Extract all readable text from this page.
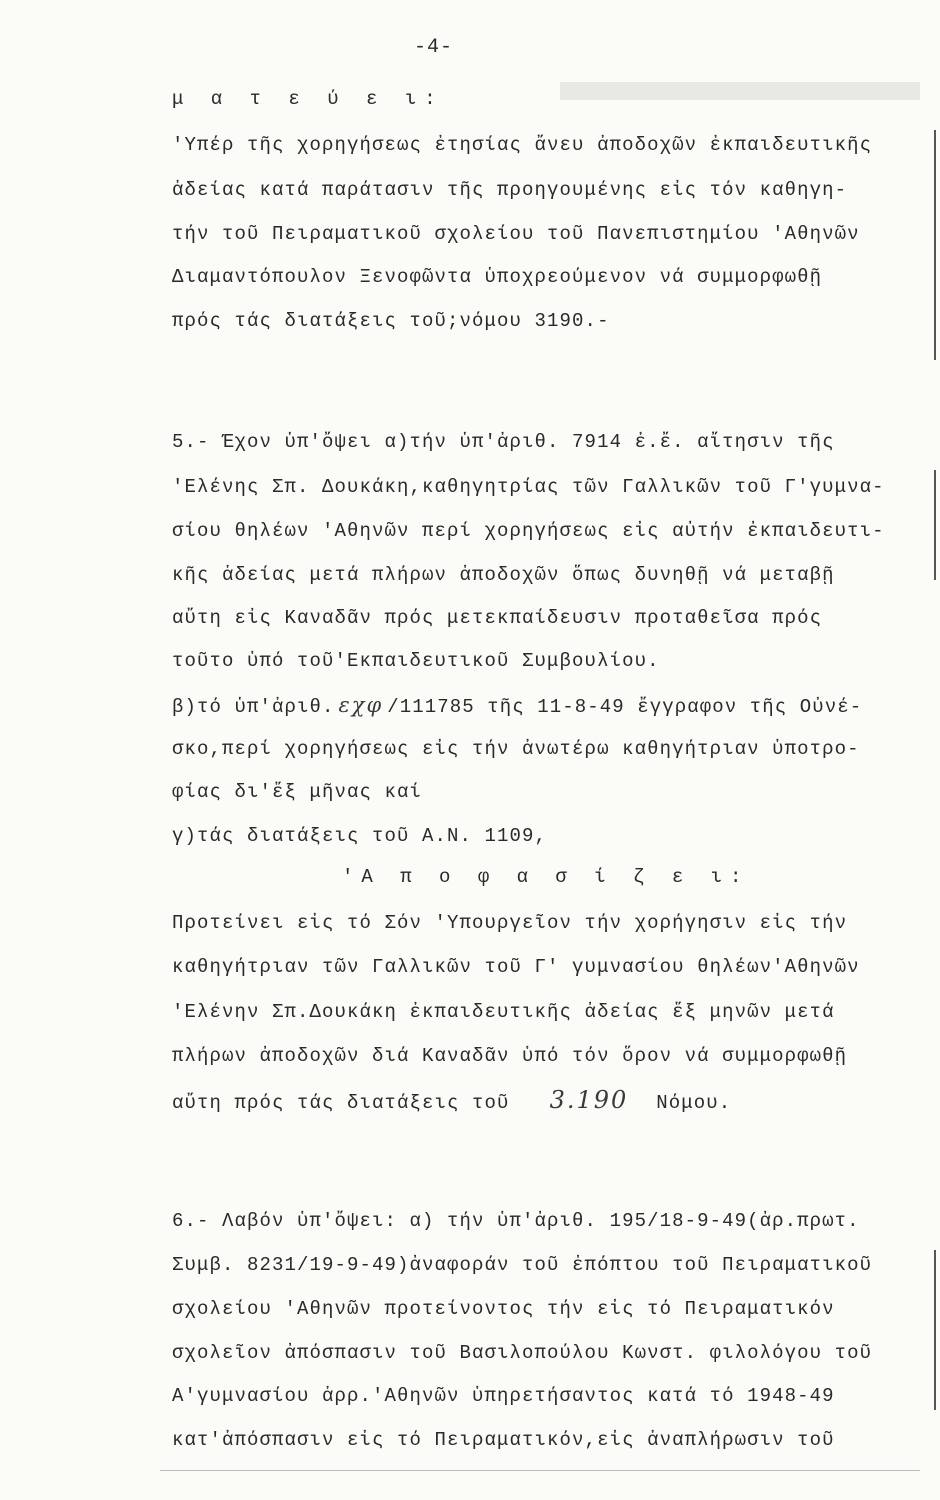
-4-
μ α τ ε ύ ε ι:
'Υπέρ τῆς χορηγήσεως ἐτησίας ἄνευ ἀποδοχῶν ἐκπαιδευτικῆς
ἀδείας κατά παράτασιν τῆς προηγουμένης εἰς τόν καθηγη-
τήν τοῦ Πειραματικοῦ σχολείου τοῦ Πανεπιστημίου 'Αθηνῶν
Διαμαντόπουλον Ξενοφῶντα ὑποχρεούμενον νά συμμορφωθῇ
πρός τάς διατάξεις τοῦ;νόμου 3190.-
5.- Έχον ὑπ'ὄψει α)τήν ὑπ'ἀριθ. 7914 ἐ.ἔ. αἴτησιν τῆς
'Ελένης Σπ. Δουκάκη,καθηγητρίας τῶν Γαλλικῶν τοῦ Γ'γυμνα-
σίου θηλέων 'Αθηνῶν περί χορηγήσεως εἰς αὐτήν ἐκπαιδευτι-
κῆς ἀδείας μετά πλήρων ἀποδοχῶν ὅπως δυνηθῇ νά μεταβῇ
αὔτη εἰς Καναδᾶν πρός μετεκπαίδευσιν προταθεῖσα πρός
τοῦτο ὑπό τοῦ'Εκπαιδευτικοῦ Συμβουλίου.
β)τό ὑπ'ἀριθ. εχφ /111785 τῆς 11-8-49 ἔγγραφον τῆς Οὐνέ-
σκο,περί χορηγήσεως εἰς τήν ἀνωτέρω καθηγήτριαν ὑποτρο-
φίας δι'ἕξ μῆνας καί
γ)τάς διατάξεις τοῦ Α.Ν. 1109,
'Α π ο φ α σ ί ζ ε ι:
Προτείνει εἰς τό Σόν 'Υπουργεῖον τήν χορήγησιν εἰς τήν
καθηγήτριαν τῶν Γαλλικῶν τοῦ Γ' γυμνασίου θηλέων'Αθηνῶν
'Ελένην Σπ.Δουκάκη ἐκπαιδευτικῆς ἀδείας ἕξ μηνῶν μετά
πλήρων ἀποδοχῶν διά Καναδᾶν ὑπό τόν ὅρον νά συμμορφωθῇ
αὔτη πρός τάς διατάξεις τοῦ 3.190 Νόμου.
6.- Λαβόν ὑπ'ὄψει: α) τήν ὑπ'ἀριθ. 195/18-9-49(ἀρ.πρωτ.
Συμβ. 8231/19-9-49)ἀναφοράν τοῦ ἐπόπτου τοῦ Πειραματικοῦ
σχολείου 'Αθηνῶν προτείνοντος τήν εἰς τό Πειραματικόν
σχολεῖον ἀπόσπασιν τοῦ Βασιλοπούλου Κωνστ. φιλολόγου τοῦ
Α'γυμνασίου ἀρρ.'Αθηνῶν ὑπηρετήσαντος κατά τό 1948-49
κατ'ἀπόσπασιν εἰς τό Πειραματικόν,εἰς ἀναπλήρωσιν τοῦ
